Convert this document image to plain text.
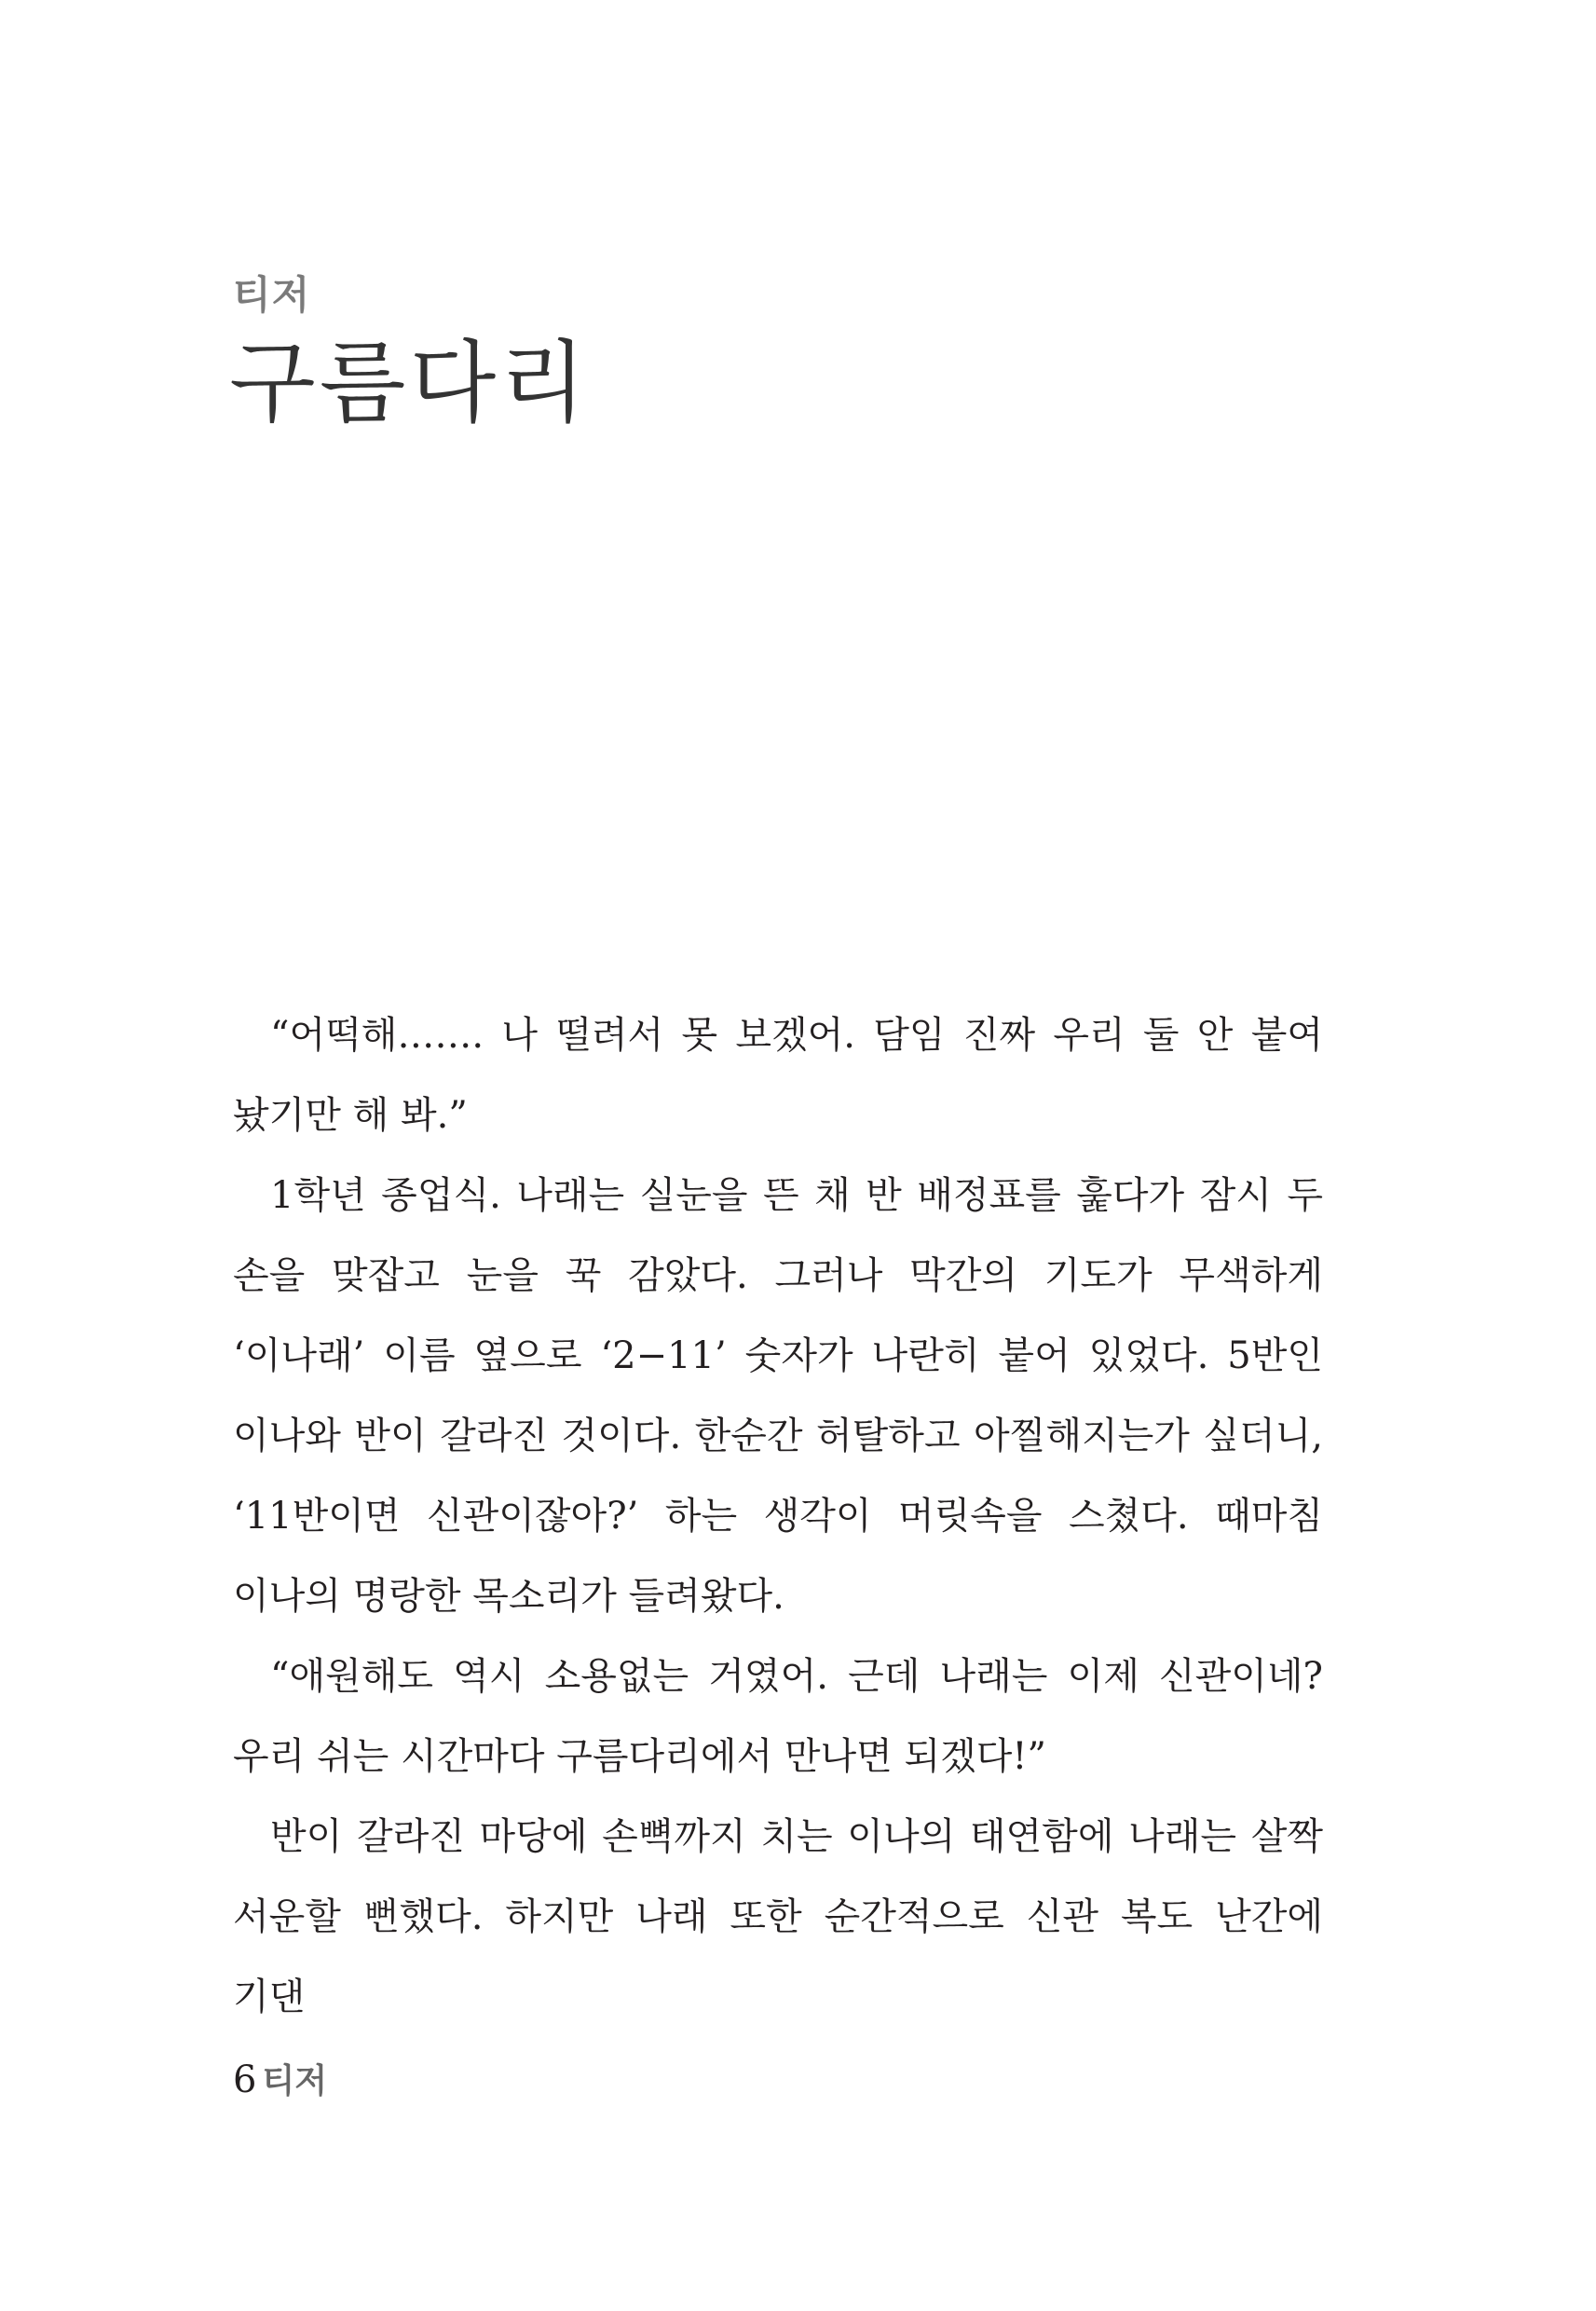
티저
구름다리

“어떡해……. 나 떨려서 못 보겠어. 담임 진짜 우리 둘 안 붙여 놨기만 해 봐.”

1학년 종업식. 나래는 실눈을 뜬 채 반 배정표를 훑다가 잠시 두 손을 맞잡고 눈을 꾹 감았다. 그러나 막간의 기도가 무색하게 ‘이나래’ 이름 옆으로 ‘2−11’ 숫자가 나란히 붙어 있었다. 5반인 이나와 반이 갈라진 것이다. 한순간 허탈하고 아찔해지는가 싶더니, ‘11반이면 신관이잖아?’ 하는 생각이 머릿속을 스쳤다. 때마침 이나의 명랑한 목소리가 들려왔다.

“애원해도 역시 소용없는 거였어. 근데 나래는 이제 신관이네? 우리 쉬는 시간마다 구름다리에서 만나면 되겠다!”

반이 갈라진 마당에 손뼉까지 치는 이나의 태연함에 나래는 살짝 서운할 뻔했다. 하지만 나래 또한 순간적으로 신관 복도 난간에 기댄

6 티저
